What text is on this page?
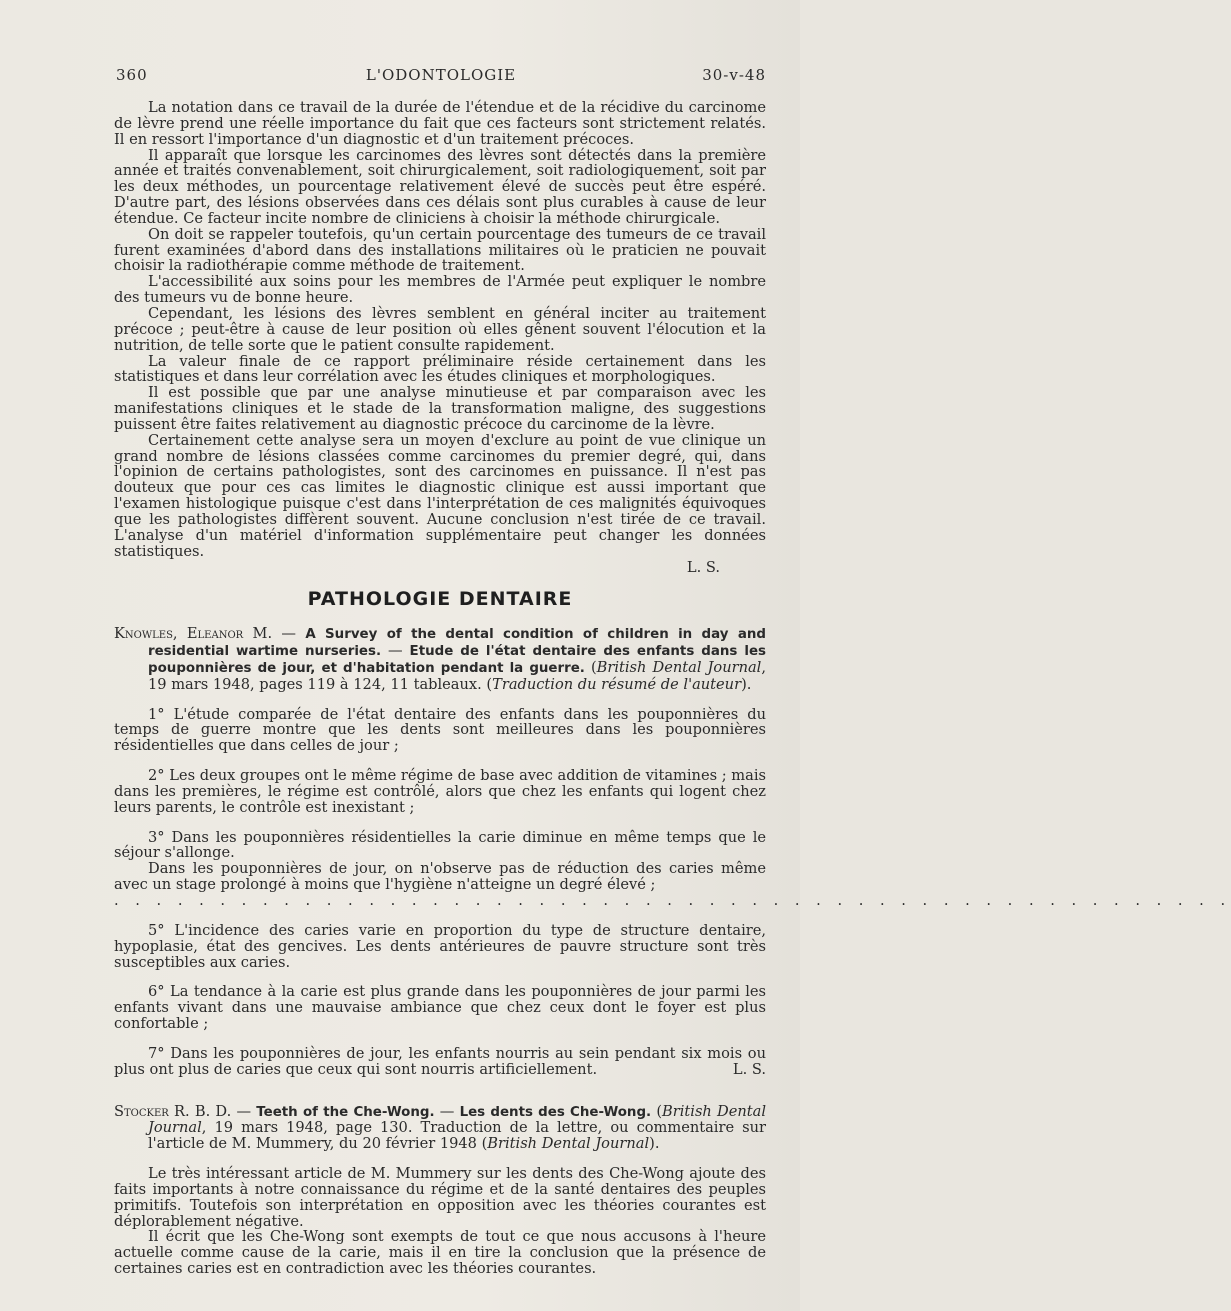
360	L'ODONTOLOGIE	30-v-48

La notation dans ce travail de la durée de l'étendue et de la récidive du carcinome de lèvre prend une réelle importance du fait que ces facteurs sont strictement relatés. Il en ressort l'importance d'un diagnostic et d'un traitement précoces.

Il apparaît que lorsque les carcinomes des lèvres sont détectés dans la première année et traités convenablement, soit chirurgicalement, soit radiologiquement, soit par les deux méthodes, un pourcentage relativement élevé de succès peut être espéré. D'autre part, des lésions observées dans ces délais sont plus curables à cause de leur étendue. Ce facteur incite nombre de cliniciens à choisir la méthode chirurgicale.

On doit se rappeler toutefois, qu'un certain pourcentage des tumeurs de ce travail furent examinées d'abord dans des installations militaires où le praticien ne pouvait choisir la radiothérapie comme méthode de traitement.

L'accessibilité aux soins pour les membres de l'Armée peut expliquer le nombre des tumeurs vu de bonne heure.

Cependant, les lésions des lèvres semblent en général inciter au traitement précoce ; peut-être à cause de leur position où elles gênent souvent l'élocution et la nutrition, de telle sorte que le patient consulte rapidement.

La valeur finale de ce rapport préliminaire réside certainement dans les statistiques et dans leur corrélation avec les études cliniques et morphologiques.

Il est possible que par une analyse minutieuse et par comparaison avec les manifestations cliniques et le stade de la transformation maligne, des suggestions puissent être faites relativement au diagnostic précoce du carcinome de la lèvre.

Certainement cette analyse sera un moyen d'exclure au point de vue clinique un grand nombre de lésions classées comme carcinomes du premier degré, qui, dans l'opinion de certains pathologistes, sont des carcinomes en puissance. Il n'est pas douteux que pour ces cas limites le diagnostic clinique est aussi important que l'examen histologique puisque c'est dans l'interprétation de ces malignités équivoques que les pathologistes diffèrent souvent. Aucune conclusion n'est tirée de ce travail. L'analyse d'un matériel d'information supplémentaire peut changer les données statistiques.

L. S.

PATHOLOGIE DENTAIRE

Knowles, Eleanor M. — A Survey of the dental condition of children in day and residential wartime nurseries. — Etude de l'état dentaire des enfants dans les pouponnières de jour, et d'habitation pendant la guerre. (British Dental Journal, 19 mars 1948, pages 119 à 124, 11 tableaux. (Traduction du résumé de l'auteur).

1° L'étude comparée de l'état dentaire des enfants dans les pouponnières du temps de guerre montre que les dents sont meilleures dans les pouponnières résidentielles que dans celles de jour ;

2° Les deux groupes ont le même régime de base avec addition de vitamines ; mais dans les premières, le régime est contrôlé, alors que chez les enfants qui logent chez leurs parents, le contrôle est inexistant ;

3° Dans les pouponnières résidentielles la carie diminue en même temps que le séjour s'allonge.

Dans les pouponnières de jour, on n'observe pas de réduction des caries même avec un stage prolongé à moins que l'hygiène n'atteigne un degré élevé ;

. . . . . . . . . . . . . . . . . . . . . . . . . . . . . . . . . . . . . . . . . . . . . . . . . . . . .

5° L'incidence des caries varie en proportion du type de structure dentaire, hypoplasie, état des gencives. Les dents antérieures de pauvre structure sont très susceptibles aux caries.

6° La tendance à la carie est plus grande dans les pouponnières de jour parmi les enfants vivant dans une mauvaise ambiance que chez ceux dont le foyer est plus confortable ;

7° Dans les pouponnières de jour, les enfants nourris au sein pendant six mois ou plus ont plus de caries que ceux qui sont nourris artificiellement.	L. S.

Stocker R. B. D. — Teeth of the Che-Wong. — Les dents des Che-Wong. (British Dental Journal, 19 mars 1948, page 130. Traduction de la lettre, ou commentaire sur l'article de M. Mummery, du 20 février 1948 (British Dental Journal).

Le très intéressant article de M. Mummery sur les dents des Che-Wong ajoute des faits importants à notre connaissance du régime et de la santé dentaires des peuples primitifs. Toutefois son interprétation en opposition avec les théories courantes est déplorablement négative.

Il écrit que les Che-Wong sont exempts de tout ce que nous accusons à l'heure actuelle comme cause de la carie, mais il en tire la conclusion que la présence de certaines caries est en contradiction avec les théories courantes.
